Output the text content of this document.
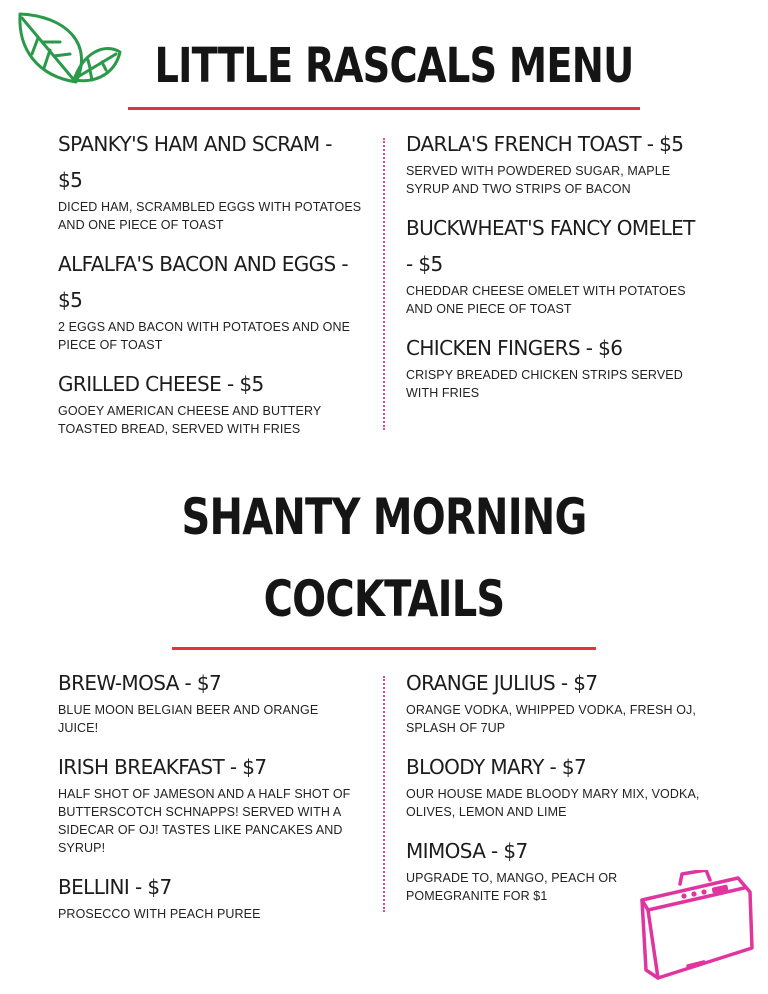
LITTLE RASCALS MENU
SPANKY'S HAM AND SCRAM - $5
DICED HAM, SCRAMBLED EGGS WITH POTATOES AND ONE PIECE OF TOAST
ALFALFA'S BACON AND EGGS - $5
2 EGGS AND BACON WITH POTATOES AND ONE PIECE OF TOAST
GRILLED CHEESE - $5
GOOEY AMERICAN CHEESE AND BUTTERY TOASTED BREAD, SERVED WITH FRIES
DARLA'S FRENCH TOAST - $5
SERVED WITH POWDERED SUGAR, MAPLE SYRUP AND TWO STRIPS OF BACON
BUCKWHEAT'S FANCY OMELET - $5
CHEDDAR CHEESE OMELET WITH POTATOES AND ONE PIECE OF TOAST
CHICKEN FINGERS - $6
CRISPY BREADED CHICKEN STRIPS SERVED WITH FRIES
SHANTY MORNING
COCKTAILS
BREW-MOSA - $7
BLUE MOON BELGIAN BEER AND ORANGE JUICE!
IRISH BREAKFAST - $7
HALF SHOT OF JAMESON AND A HALF SHOT OF BUTTERSCOTCH SCHNAPPS! SERVED WITH A SIDECAR OF OJ! TASTES LIKE PANCAKES AND SYRUP!
BELLINI - $7
PROSECCO WITH PEACH PUREE
ORANGE JULIUS - $7
ORANGE VODKA, WHIPPED VODKA, FRESH OJ, SPLASH OF 7UP
BLOODY MARY - $7
OUR HOUSE MADE BLOODY MARY MIX, VODKA, OLIVES, LEMON AND LIME
MIMOSA - $7
UPGRADE TO, MANGO, PEACH OR POMEGRANITE FOR $1
